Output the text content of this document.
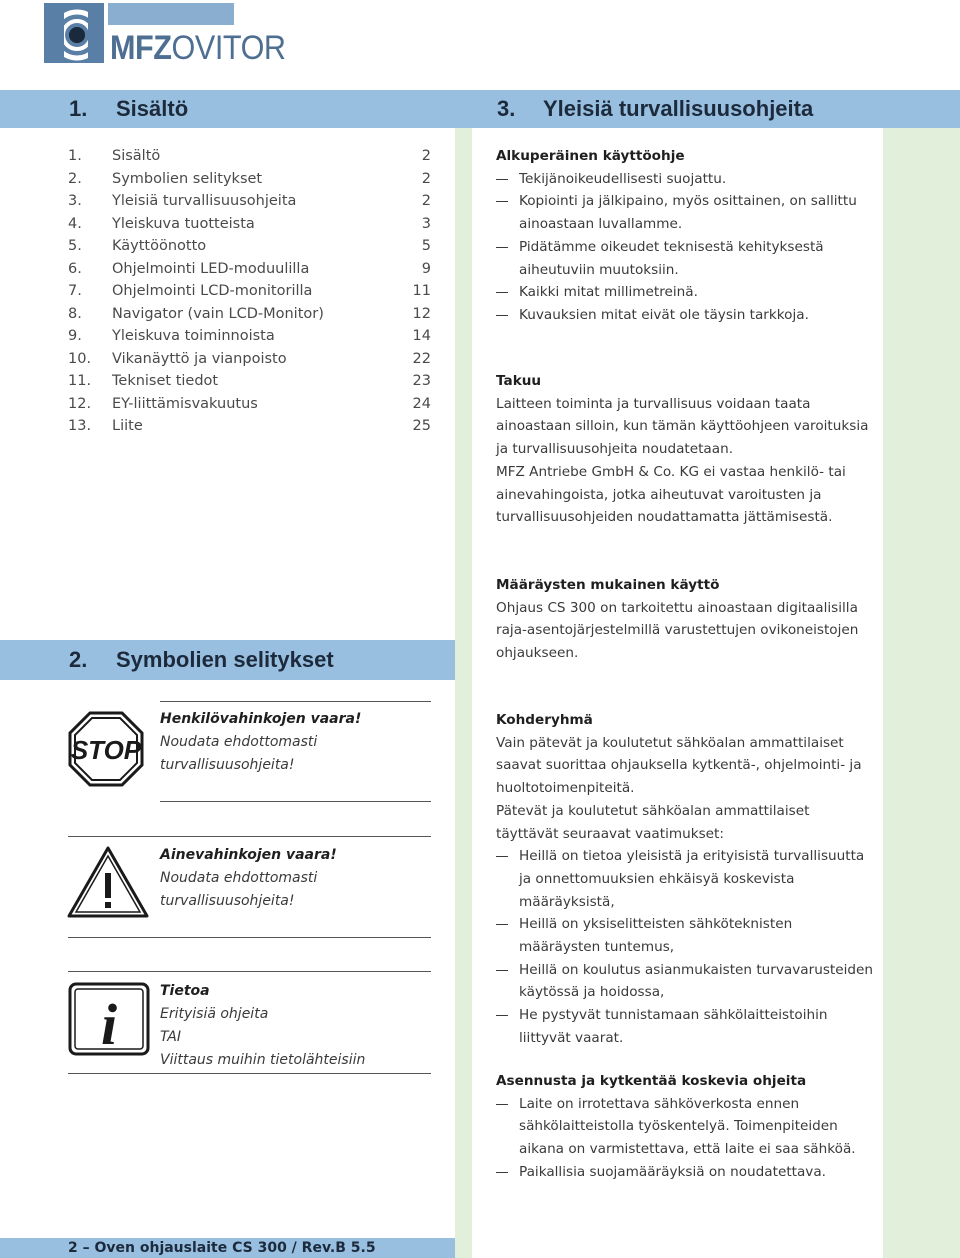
MFZOVITOR
1. Sisältö	3. Yleisiä turvallisuusohjeita
2. Symbolien selitykset
1. Sisältö	2
2. Symbolien selitykset	2
3. Yleisiä turvallisuusohjeita	2
4. Yleiskuva tuotteista	3
5. Käyttöönotto	5
6. Ohjelmointi LED-moduulilla	9
7. Ohjelmointi LCD-monitorilla	11
8. Navigator (vain LCD-Monitor)	12
9. Yleiskuva toiminnoista	14
10. Vikanäyttö ja vianpoisto	22
11. Tekniset tiedot	23
12. EY-liittämisvakuutus	24
13. Liite	25
STOP

Henkilövahinkojen vaara!

Noudata ehdottomasti

turvallisuusohjeita!

Ainevahinkojen vaara!

Noudata ehdottomasti

turvallisuusohjeita!

i

Tietoa

Erityisiä ohjeita

TAI

Viittaus muihin tietolähteisiin

Alkuperäinen käyttöohje

Tekijänoikeudellisesti suojattu.
Kopiointi ja jälkipaino, myös osittainen, on sallittu ainoastaan luvallamme.
Pidätämme oikeudet teknisestä kehityksestä aiheutuviin muutoksiin.
Kaikki mitat millimetreinä.
Kuvauksien mitat eivät ole täysin tarkkoja.

Takuu

Laitteen toiminta ja turvallisuus voidaan taata ainoastaan silloin, kun tämän käyttöohjeen varoituksia ja turvallisuusohjeita noudatetaan.

MFZ Antriebe GmbH & Co. KG ei vastaa henkilö- tai ainevahingoista, jotka aiheutuvat varoitusten ja turvallisuusohjeiden noudattamatta jättämisestä.

Määräysten mukainen käyttö

Ohjaus CS 300 on tarkoitettu ainoastaan digitaalisilla raja-asentojärjestelmillä varustettujen ovikoneistojen ohjaukseen.

Kohderyhmä

Vain pätevät ja koulutetut sähköalan ammattilaiset saavat suorittaa ohjauksella kytkentä-, ohjelmointi- ja huoltotoimenpiteitä.

Pätevät ja koulutetut sähköalan ammattilaiset täyttävät seuraavat vaatimukset:

Heillä on tietoa yleisistä ja erityisistä turvallisuutta ja onnettomuuksien ehkäisyä koskevista määräyksistä,
Heillä on yksiselitteisten sähköteknisten määräysten tuntemus,
Heillä on koulutus asianmukaisten turvavarusteiden käytössä ja hoidossa,
He pystyvät tunnistamaan sähkölaitteistoihin liittyvät vaarat.

Asennusta ja kytkentää koskevia ohjeita

Laite on irrotettava sähköverkosta ennen sähkölaitteistolla työskentelyä. Toimenpiteiden aikana on varmistettava, että laite ei saa sähköä.
Paikallisia suojamääräyksiä on noudatettava.
2 – Oven ohjauslaite CS 300 / Rev.B 5.5
